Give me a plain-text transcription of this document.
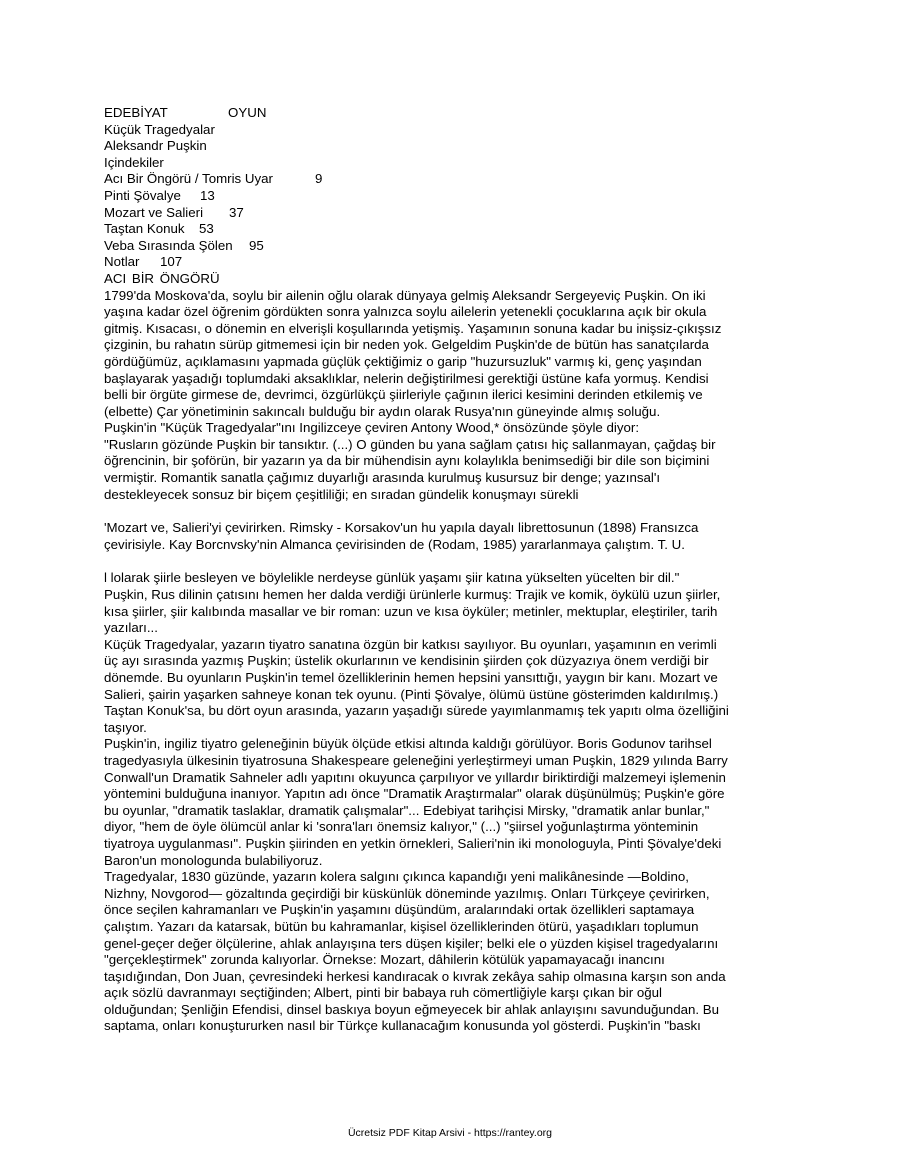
EDEBİYAT	OYUN
Küçük Tragedyalar
Aleksandr Puşkin
Içindekiler
Acı Bir Öngörü / Tomris Uyar	9
Pinti Şövalye 13
Mozart ve Salieri 37
Taştan Konuk 53
Veba Sırasında Şölen 95
Notlar 107
ACI BİR ÖNGÖRÜ
1799'da Moskova'da, soylu bir ailenin oğlu olarak dünyaya gelmiş Aleksandr Sergeyeviç Puşkin. On iki
yaşına kadar özel öğrenim gördükten sonra yalnızca soylu ailelerin yetenekli çocuklarına açık bir okula
gitmiş. Kısacası, o dönemin en elverişli koşullarında yetişmiş. Yaşamının sonuna kadar bu inişsiz-çıkışsız
çizginin, bu rahatın sürüp gitmemesi için bir neden yok. Gelgeldim Puşkin'de de bütün has sanatçılarda
gördüğümüz, açıklamasını yapmada güçlük çektiğimiz o garip "huzursuzluk" varmış ki, genç yaşından
başlayarak yaşadığı toplumdaki aksaklıklar, nelerin değiştirilmesi gerektiği üstüne kafa yormuş. Kendisi
belli bir örgüte girmese de, devrimci, özgürlükçü şiirleriyle çağının ilerici kesimini derinden etkilemiş ve
(elbette) Çar yönetiminin sakıncalı bulduğu bir aydın olarak Rusya'nın güneyinde almış soluğu.
Puşkin'in "Küçük Tragedyalar"ını Ingilizceye çeviren Antony Wood,* önsözünde şöyle diyor:
"Rusların gözünde Puşkin bir tansıktır. (...) O günden bu yana sağlam çatısı hiç sallanmayan, çağdaş bir
öğrencinin, bir şoförün, bir yazarın ya da bir mühendisin aynı kolaylıkla benimsediği bir dile son biçimini
vermiştir. Romantik sanatla çağımız duyarlığı arasında kurulmuş kusursuz bir denge; yazınsal'ı
destekleyecek sonsuz bir biçem çeşitliliği; en sıradan gündelik konuşmayı sürekli
'Mozart ve, Salieri'yi çevirirken. Rimsky - Korsakov'un hu yapıla dayalı librettosunun (1898) Fransızca
çevirisiyle. Kay Borcnvsky'nin Almanca çevirisinden de (Rodam, 1985) yararlanmaya çalıştım. T. U.
l lolarak şiirle besleyen ve böylelikle nerdeyse günlük yaşamı şiir katına yükselten yücelten bir dil."
Puşkin, Rus dilinin çatısını hemen her dalda verdiği ürünlerle kurmuş: Trajik ve komik, öykülü uzun şiirler,
kısa şiirler, şiir kalıbında masallar ve bir roman: uzun ve kısa öyküler; metinler, mektuplar, eleştiriler, tarih
yazıları...
Küçük Tragedyalar, yazarın tiyatro sanatına özgün bir katkısı sayılıyor. Bu oyunları, yaşamının en verimli
üç ayı sırasında yazmış Puşkin; üstelik okurlarının ve kendisinin şiirden çok düzyazıya önem verdiği bir
dönemde. Bu oyunların Puşkin'in temel özelliklerinin hemen hepsini yansıttığı, yaygın bir kanı. Mozart ve
Salieri, şairin yaşarken sahneye konan tek oyunu. (Pinti Şövalye, ölümü üstüne gösterimden kaldırılmış.)
Taştan Konuk'sa, bu dört oyun arasında, yazarın yaşadığı sürede yayımlanmamış tek yapıtı olma özelliğini
taşıyor.
Puşkin'in, ingiliz tiyatro geleneğinin büyük ölçüde etkisi altında kaldığı görülüyor. Boris Godunov tarihsel
tragedyasıyla ülkesinin tiyatrosuna Shakespeare geleneğini yerleştirmeyi uman Puşkin, 1829 yılında Barry
Conwall'un Dramatik Sahneler adlı yapıtını okuyunca çarpılıyor ve yıllardır biriktirdiği malzemeyi işlemenin
yöntemini bulduğuna inanıyor. Yapıtın adı önce "Dramatik Araştırmalar" olarak düşünülmüş; Puşkin'e göre
bu oyunlar, "dramatik taslaklar, dramatik çalışmalar"... Edebiyat tarihçisi Mirsky, "dramatik anlar bunlar,"
diyor, "hem de öyle ölümcül anlar ki 'sonra'ları önemsiz kalıyor," (...) "şiirsel yoğunlaştırma yönteminin
tiyatroya uygulanması". Puşkin şiirinden en yetkin örnekleri, Salieri'nin iki monologuyla, Pinti Şövalye'deki
Baron'un monologunda bulabiliyoruz.
Tragedyalar, 1830 güzünde, yazarın kolera salgını çıkınca kapandığı yeni malikânesinde —Boldino,
Nizhny, Novgorod— gözaltında geçirdiği bir küskünlük döneminde yazılmış. Onları Türkçeye çevirirken,
önce seçilen kahramanları ve Puşkin'in yaşamını düşündüm, aralarındaki ortak özellikleri saptamaya
çalıştım. Yazarı da katarsak, bütün bu kahramanlar, kişisel özelliklerinden ötürü, yaşadıkları toplumun
genel-geçer değer ölçülerine, ahlak anlayışına ters düşen kişiler; belki ele o yüzden kişisel tragedyalarını
"gerçekleştirmek" zorunda kalıyorlar. Örnekse: Mozart, dâhilerin kötülük yapamayacağı inancını
taşıdığından, Don Juan, çevresindeki herkesi kandıracak o kıvrak zekâya sahip olmasına karşın son anda
açık sözlü davranmayı seçtiğinden; Albert, pinti bir babaya ruh cömertliğiyle karşı çıkan bir oğul
olduğundan; Şenliğin Efendisi, dinsel baskıya boyun eğmeyecek bir ahlak anlayışını savunduğundan. Bu
saptama, onları konuştururken nasıl bir Türkçe kullanacağım konusunda yol gösterdi. Puşkin'in "baskı
Ücretsiz PDF Kitap Arsivi - https://rantey.org
